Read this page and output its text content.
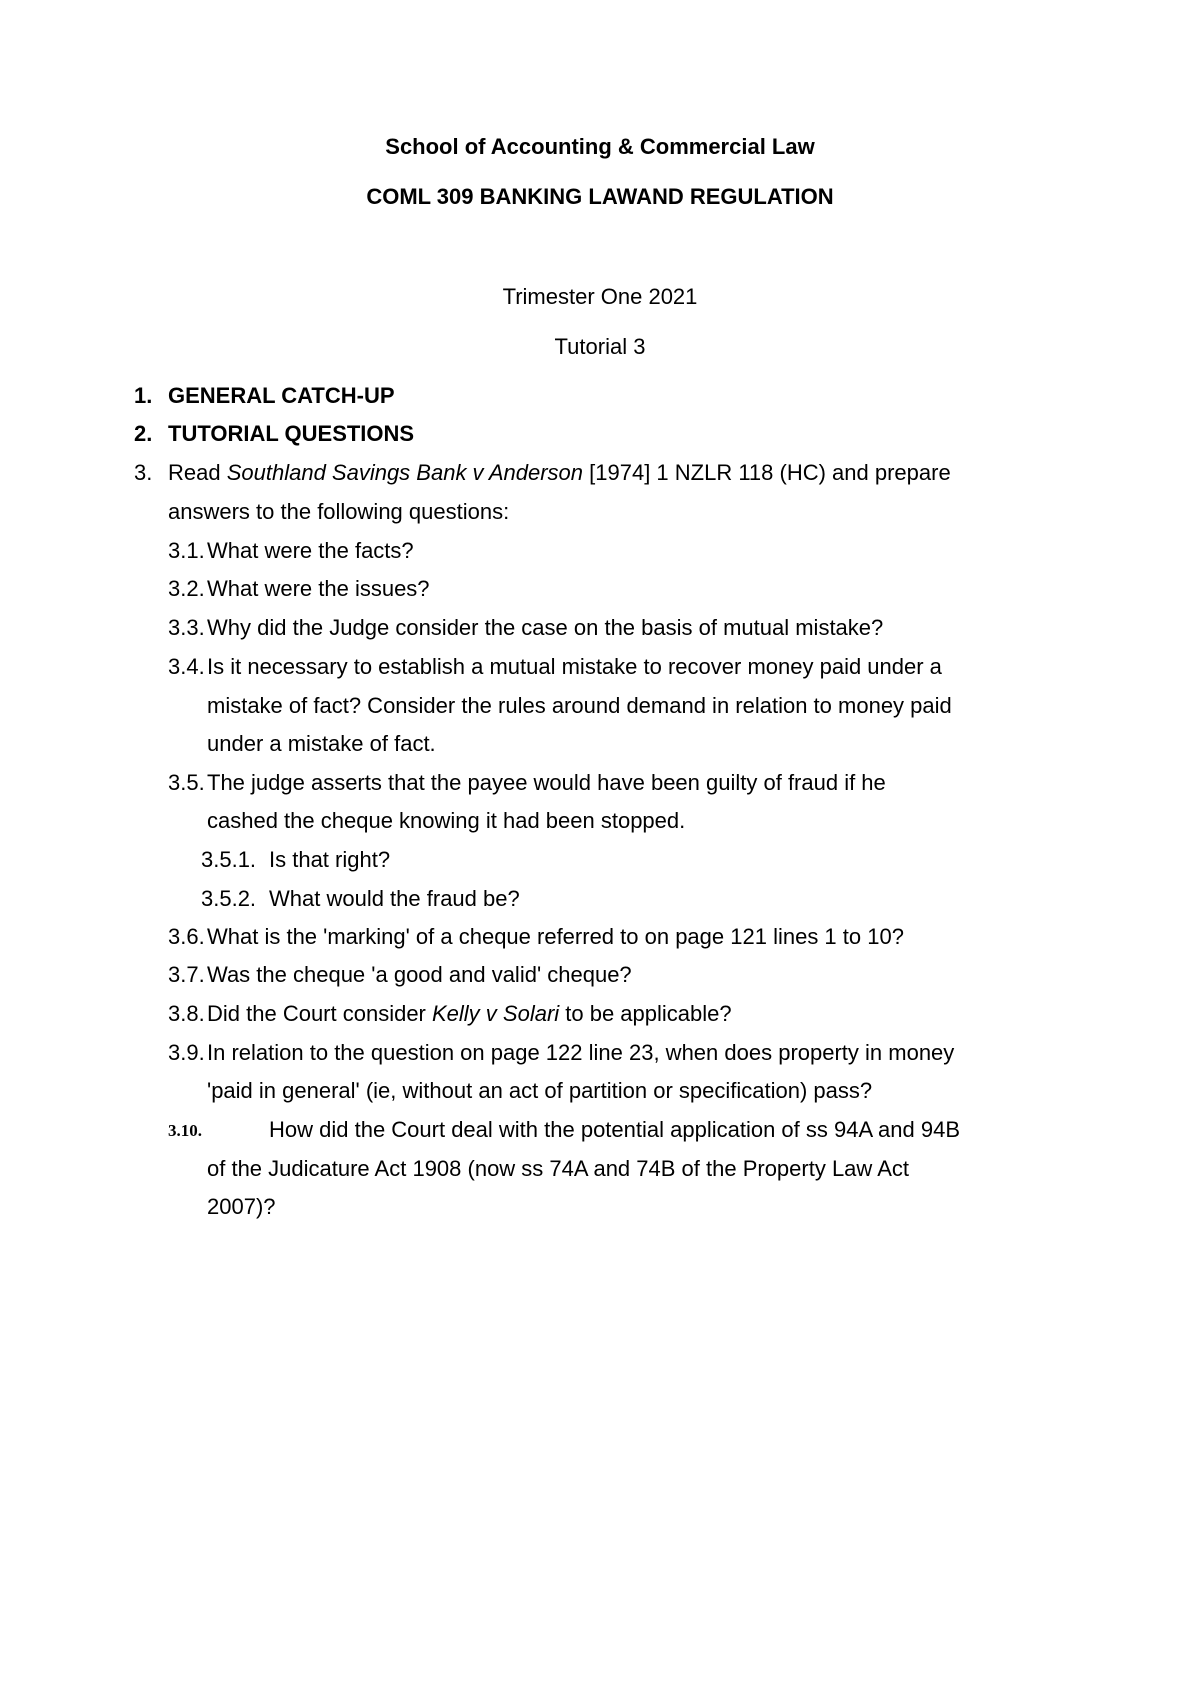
School of Accounting & Commercial Law
COML 309 BANKING LAWAND REGULATION
Trimester One 2021
Tutorial 3
1. GENERAL CATCH-UP
2. TUTORIAL QUESTIONS
3. Read Southland Savings Bank v Anderson [1974] 1 NZLR 118 (HC) and prepare
answers to the following questions:
3.1. What were the facts?
3.2. What were the issues?
3.3. Why did the Judge consider the case on the basis of mutual mistake?
3.4. Is it necessary to establish a mutual mistake to recover money paid under a
mistake of fact? Consider the rules around demand in relation to money paid
under a mistake of fact.
3.5. The judge asserts that the payee would have been guilty of fraud if he
cashed the cheque knowing it had been stopped.
3.5.1. Is that right?
3.5.2. What would the fraud be?
3.6. What is the 'marking' of a cheque referred to on page 121 lines 1 to 10?
3.7. Was the cheque 'a good and valid' cheque?
3.8. Did the Court consider Kelly v Solari to be applicable?
3.9. In relation to the question on page 122 line 23, when does property in money
'paid in general' (ie, without an act of partition or specification) pass?
3.10.	How did the Court deal with the potential application of ss 94A and 94B
of the Judicature Act 1908 (now ss 74A and 74B of the Property Law Act
2007)?
